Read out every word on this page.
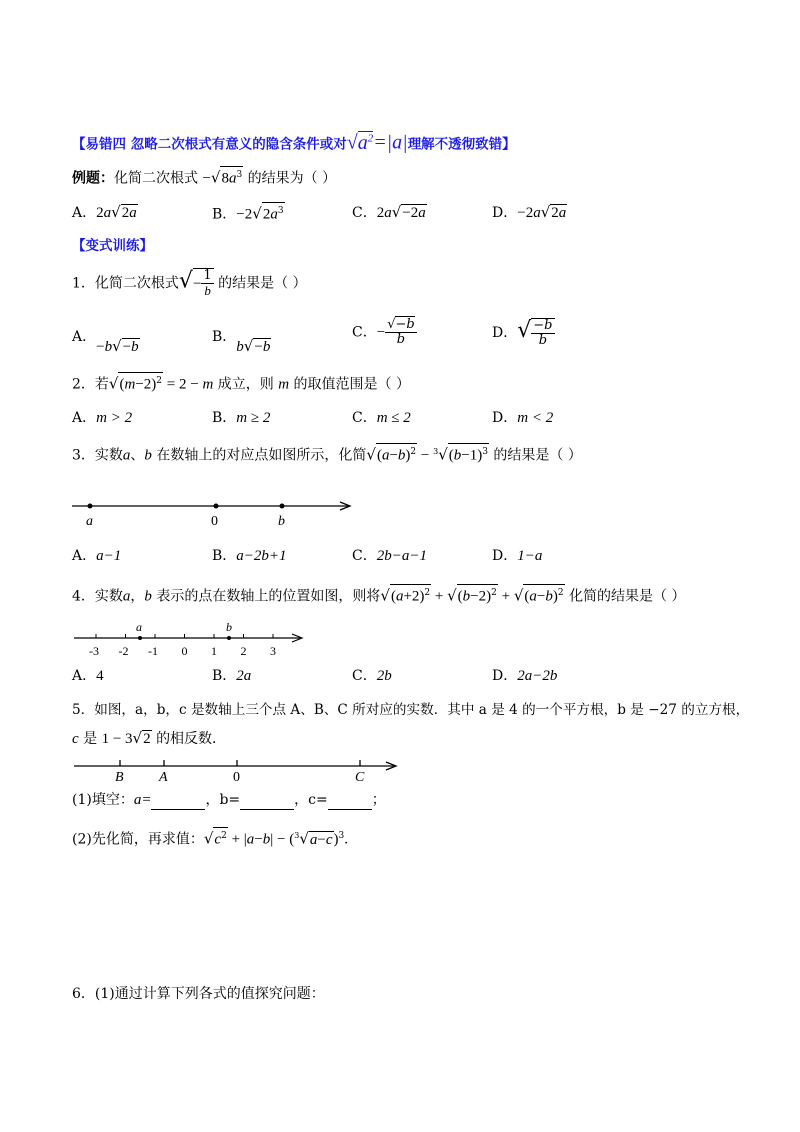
【易错四 忽略二次根式有意义的隐含条件或对$√a^2=|a|$理解不透彻致错】
例题：化简二次根式 $-√8a^3$ 的结果为（ ）
A．2a√2a	B．$-2√2a^3$	C．2a√−2a	D．−2a√2a
【变式训练】
1．化简二次根式√− $\frac{1}{b}$ 的结果是（ ）
A．−b√−b
B．b√−b
C．− $\frac{√-b}{b}$	D．√ $\frac{-b}{b}$
2．若$√(m-2)^2 = 2 - m$ 成立，则 m 的取值范围是（ ）
A．m > 2	B．m ≥ 2	C．m ≤ 2	D．m < 2
3．实数a、b 在数轴上的对应点如图所示，化简$√(a-b)^2 - ^3√(b-1)^3$ 的结果是（ ）
a	0	b
A．a−1	B．a−2b+1	C．2b−a−1	D．1−a
4．实数a，b 表示的点在数轴上的位置如图，则将$√(a+2)^2 + √(b-2)^2 + √(a-b)^2$ 化简的结果是（ ）
-3 -2 -1 0 1 2 3
a	b
A．4	B．2a	C．2b	D．2a−2b
5．如图，a，b，c 是数轴上三个点 A、B、C 所对应的实数．其中 a 是 4 的一个平方根，b 是 −27 的立方根，
c 是 1 − 3√2 的相反数．
B	A	0	C
(1)填空：a=	，b=	，c=	；
(2)先化简，再求值：$√c^2 + |a-b| - (^3√a-c)^3$.
6．(1)通过计算下列各式的值探究问题：
